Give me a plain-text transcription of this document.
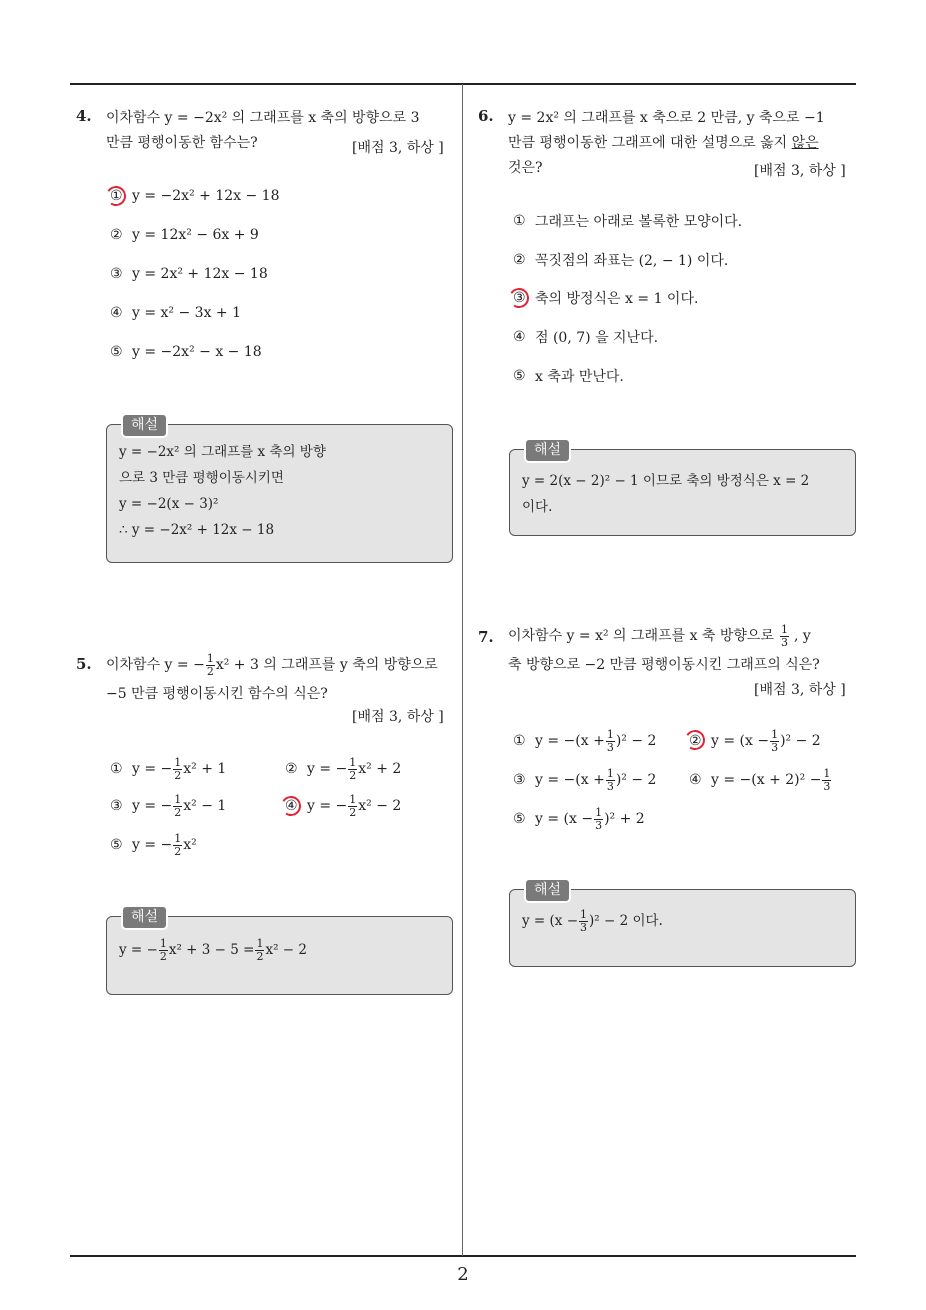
4. 이차함수 y = −2x² 의 그래프를 x 축의 방향으로 3
만큼 평행이동한 함수는?	[배점 3, 하상 ]
① y = −2x² + 12x − 18
② y = 12x² − 6x + 9
③ y = 2x² + 12x − 18
④ y = x² − 3x + 1
⑤ y = −2x² − x − 18
해설
y = −2x² 의 그래프를 x 축의 방향
으로 3 만큼 평행이동시키면
y = −2(x − 3)²
∴ y = −2x² + 12x − 18
5. 이차함수 y = − $\frac{1}{2} x^2 + 3$ 의 그래프를 y 축의 방향으로
−5 만큼 평행이동시킨 함수의 식은?
[배점 3, 하상 ]
① y = − $\frac{1}{2} x^2 + 1$	② y = − $\frac{1}{2} x^2 + 2$
③ y = − $\frac{1}{2} x^2 - 1$	④ y = − $\frac{1}{2} x^2 - 2$
⑤ y = − $\frac{1}{2} x^2$
해설
y = − $\frac{1}{2} x^2 + 3 - 5 = \frac{1}{2} x^2 - 2$
6. y = 2x² 의 그래프를 x 축으로 2 만큼, y 축으로 −1
만큼 평행이동한 그래프에 대한 설명으로 옳지 않은
것은?	[배점 3, 하상 ]
① 그래프는 아래로 볼록한 모양이다.
② 꼭짓점의 좌표는 (2, − 1) 이다.
③ 축의 방정식은 x = 1 이다.
④ 점 (0, 7) 을 지난다.
⑤ x 축과 만난다.
해설
y = 2(x − 2)² − 1 이므로 축의 방정식은 x = 2
이다.
7. 이차함수 y = x² 의 그래프를 x 축 방향으로 $\frac{1}{3}$ , y
축 방향으로 −2 만큼 평행이동시킨 그래프의 식은?
[배점 3, 하상 ]
① $y = -(x + \frac{1}{3} )^2 - 2$ ② $y = (x - \frac{1}{3} )^2 - 2$
③ $y = -(x + \frac{1}{3} )^2 - 2$ ④ $y = -(x + 2)^2 - \frac{1}{3}$
⑤ $y = (x - \frac{1}{3} )^2 + 2$
해설
$y = (x - \frac{1}{3} )^2 - 2$ 이다.
2
